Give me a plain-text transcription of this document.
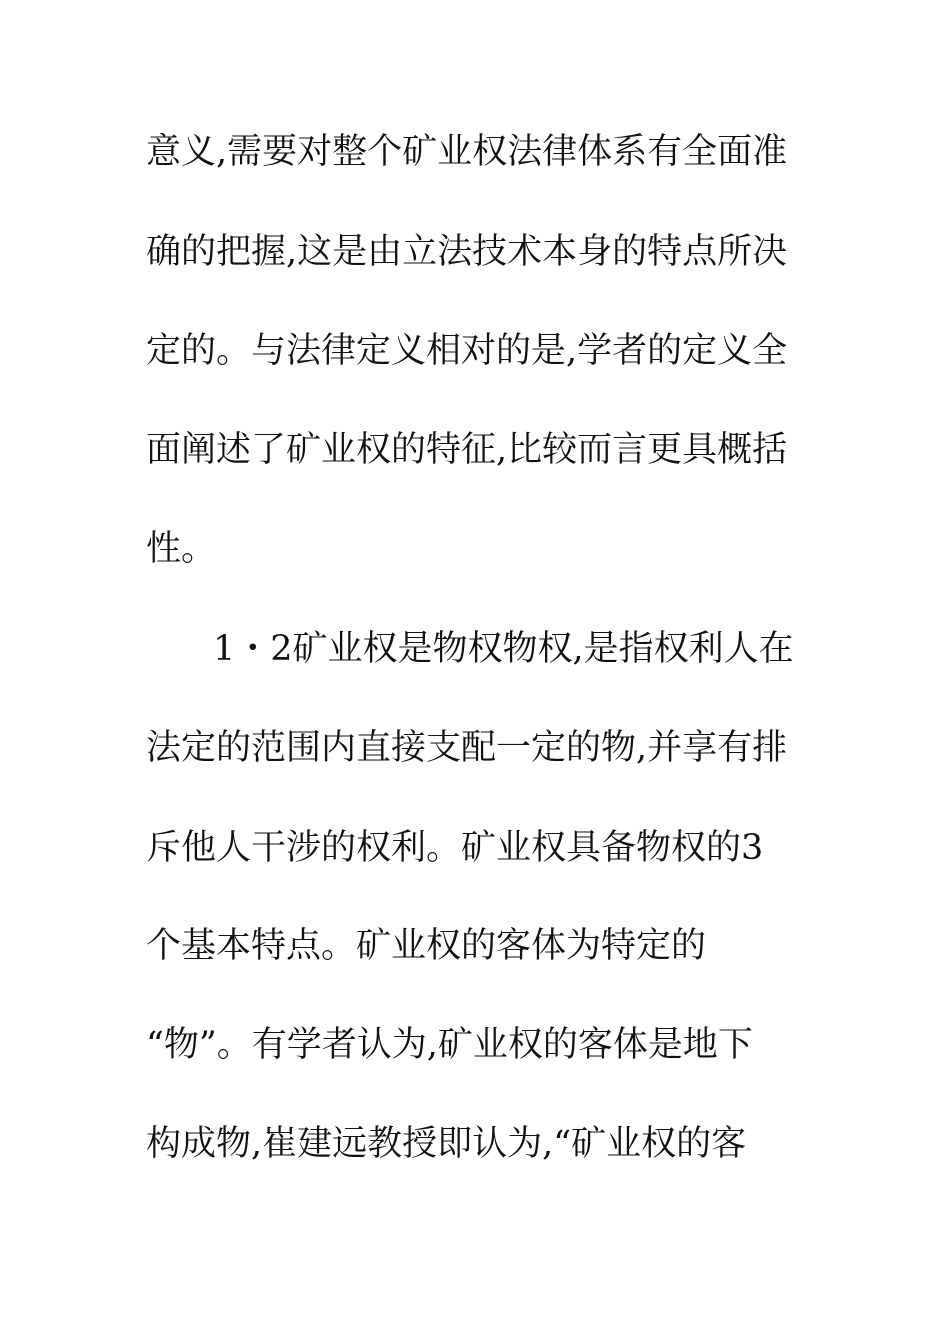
意义,需要对整个矿业权法律体系有全面准
确的把握,这是由立法技术本身的特点所决
定的。与法律定义相对的是,学者的定义全
面阐述了矿业权的特征,比较而言更具概括
性。
1・2矿业权是物权物权,是指权利人在
法定的范围内直接支配一定的物,并享有排
斥他人干涉的权利。矿业权具备物权的3
个基本特点。矿业权的客体为特定的
“物”。有学者认为,矿业权的客体是地下
构成物,崔建远教授即认为,“矿业权的客
